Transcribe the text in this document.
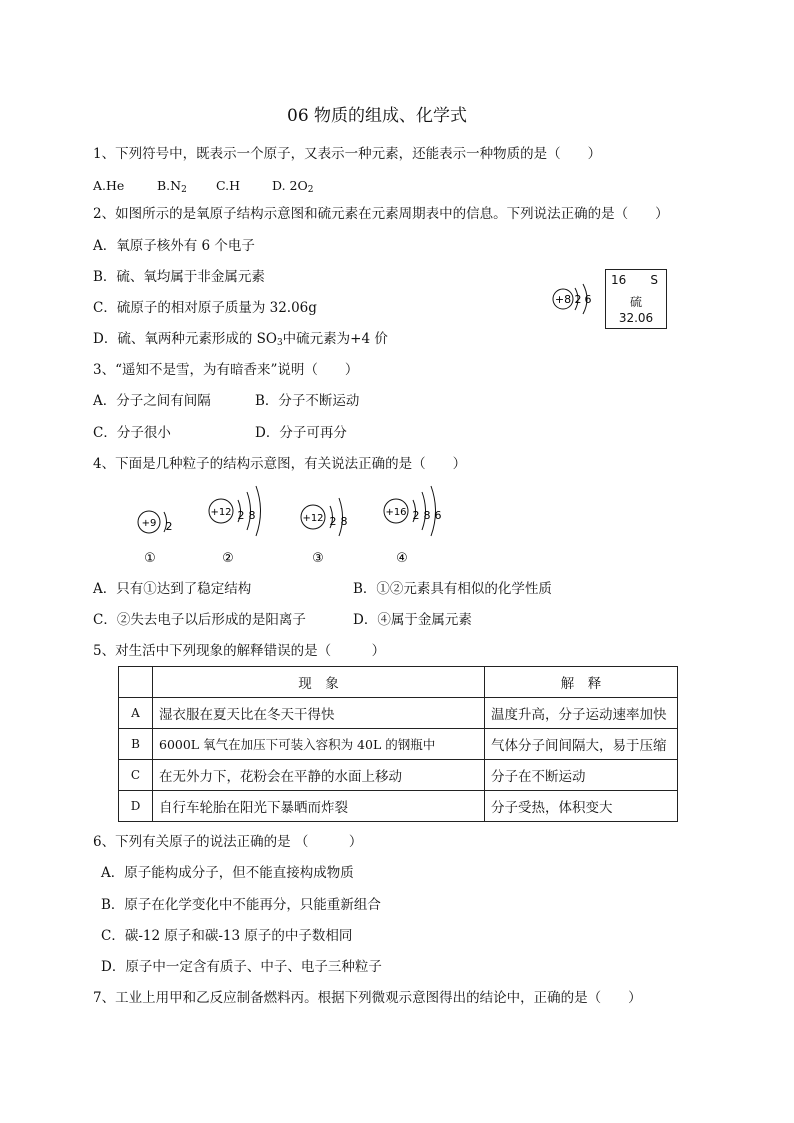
06 物质的组成、化学式
1、下列符号中，既表示一个原子，又表示一种元素，还能表示一种物质的是（　　）
A.He	$B.N_2$ C.H	D. $2O_2$
2、如图所示的是氧原子结构示意图和硫元素在元素周期表中的信息。下列说法正确的是（　　）
A．氧原子核外有 6 个电子
B．硫、氧均属于非金属元素
C．硫原子的相对原子质量为 32.06g
D．硫、氧两种元素形成的 $SO_3$中硫元素为+4 价
+8 2 6
16 S
硫
32.06
3、“遥知不是雪，为有暗香来”说明（　　）
A．分子之间有间隔	B．分子不断运动
C．分子很小	D．分子可再分
4、下面是几种粒子的结构示意图，有关说法正确的是（　　）
+9 2
①
+12 2 8
②
+12 2 8
③
+16 2 8 6
④
A．只有①达到了稳定结构	B．①②元素具有相似的化学性质
C．②失去电子以后形成的是阳离子	D．④属于金属元素
5、对生活中下列现象的解释错误的是（　　　）
	现　象	解　释
A	湿衣服在夏天比在冬天干得快	温度升高，分子运动速率加快
B	6000L 氧气在加压下可装入容积为 40L 的钢瓶中	气体分子间间隔大，易于压缩
C	在无外力下，花粉会在平静的水面上移动	分子在不断运动
D	自行车轮胎在阳光下暴晒而炸裂	分子受热，体积变大
6、下列有关原子的说法正确的是 （　　　）
A．原子能构成分子，但不能直接构成物质
B．原子在化学变化中不能再分，只能重新组合
C．碳-12 原子和碳-13 原子的中子数相同
D．原子中一定含有质子、中子、电子三种粒子
7、工业上用甲和乙反应制备燃料丙。根据下列微观示意图得出的结论中，正确的是（　　）
